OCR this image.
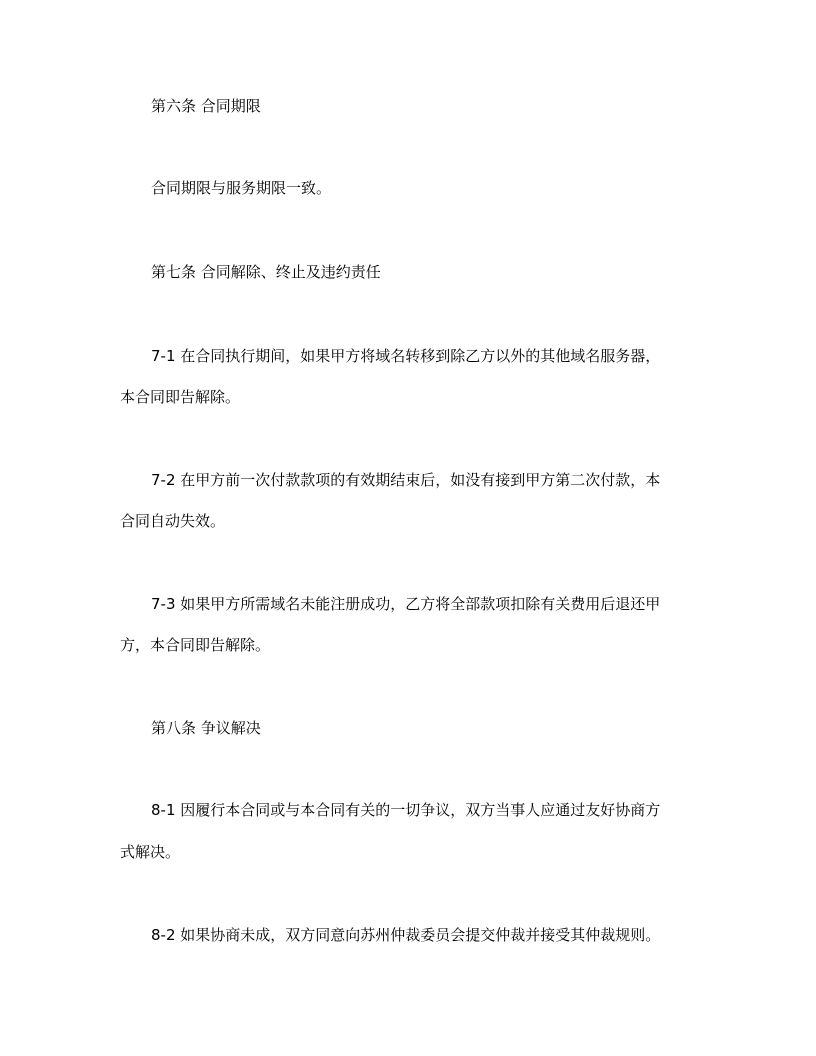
第六条 合同期限
合同期限与服务期限一致。
第七条 合同解除、终止及违约责任
7-1 在合同执行期间，如果甲方将域名转移到除乙方以外的其他域名服务器，
本合同即告解除。
7-2 在甲方前一次付款款项的有效期结束后，如没有接到甲方第二次付款，本
合同自动失效。
7-3 如果甲方所需域名未能注册成功，乙方将全部款项扣除有关费用后退还甲
方，本合同即告解除。
第八条 争议解决
8-1 因履行本合同或与本合同有关的一切争议，双方当事人应通过友好协商方
式解决。
8-2 如果协商未成，双方同意向苏州仲裁委员会提交仲裁并接受其仲裁规则。
